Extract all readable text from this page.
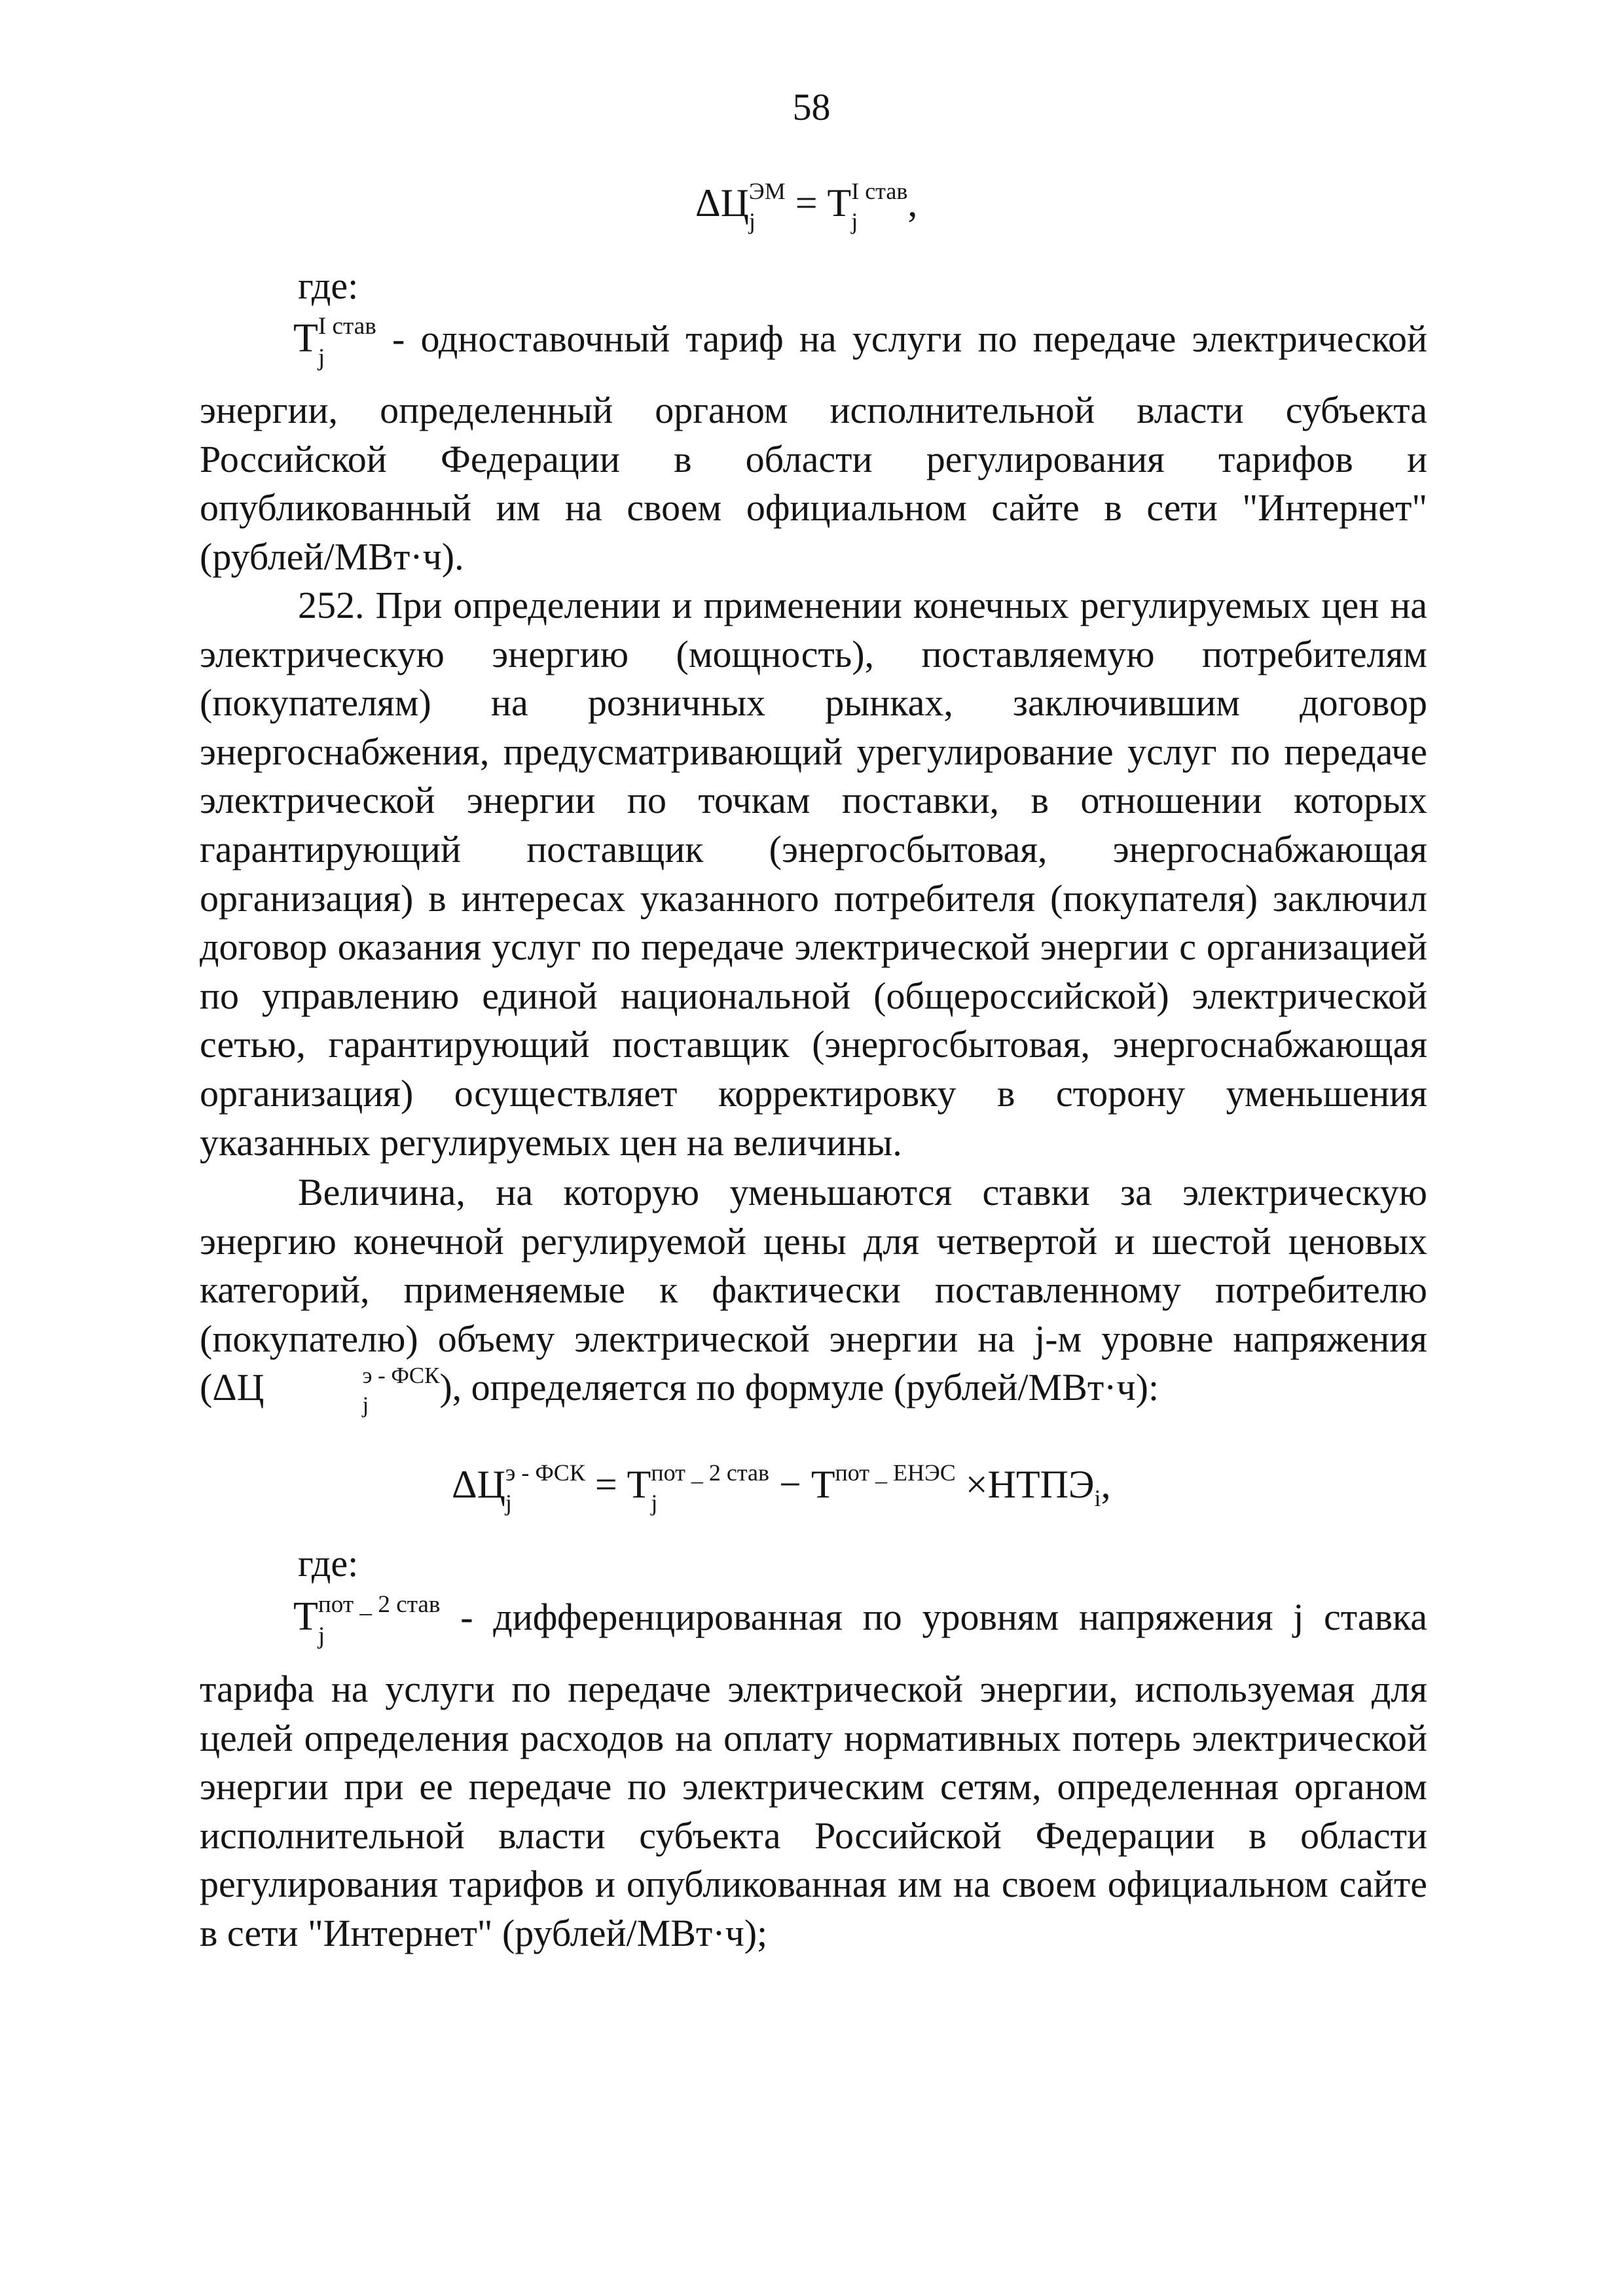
58
ΔЦ ЭМ
j	= Т I став
j	,
где:
Т I став
j	- одноставочный тариф на услуги по передаче электрической
энергии, определенный органом исполнительной власти субъекта Российской Федерации в области регулирования тарифов и опубликованный им на своем официальном сайте в сети "Интернет" (рублей/МВт·ч).
252. При определении и применении конечных регулируемых цен на электрическую энергию (мощность), поставляемую потребителям (покупателям) на розничных рынках, заключившим договор энергоснабжения, предусматривающий урегулирование услуг по передаче электрической энергии по точкам поставки, в отношении которых гарантирующий поставщик (энергосбытовая, энергоснабжающая организация) в интересах указанного потребителя (покупателя) заключил договор оказания услуг по передаче электрической энергии с организацией по управлению единой национальной (общероссийской) электрической сетью, гарантирующий поставщик (энергосбытовая, энергоснабжающая организация) осуществляет корректировку в сторону уменьшения указанных регулируемых цен на величины.
Величина, на которую уменьшаются ставки за электрическую энергию конечной регулируемой цены для четвертой и шестой ценовых категорий, применяемые к фактически поставленному потребителю (покупателю) объему электрической энергии на j-м уровне напряжения (ΔЦ	э - ФСК
j	), определяется по формуле (рублей/МВт·ч):
ΔЦ э - ФСК
j	= Т пот _ 2 став
j	− Т пот _ ЕНЭС $\times НТПЭ_i$,
где:
Т пот _ 2 став
j	- дифференцированная по уровням напряжения j ставка
тарифа на услуги по передаче электрической энергии, используемая для целей определения расходов на оплату нормативных потерь электрической энергии при ее передаче по электрическим сетям, определенная органом исполнительной власти субъекта Российской Федерации в области регулирования тарифов и опубликованная им на своем официальном сайте в сети "Интернет" (рублей/МВт·ч);
